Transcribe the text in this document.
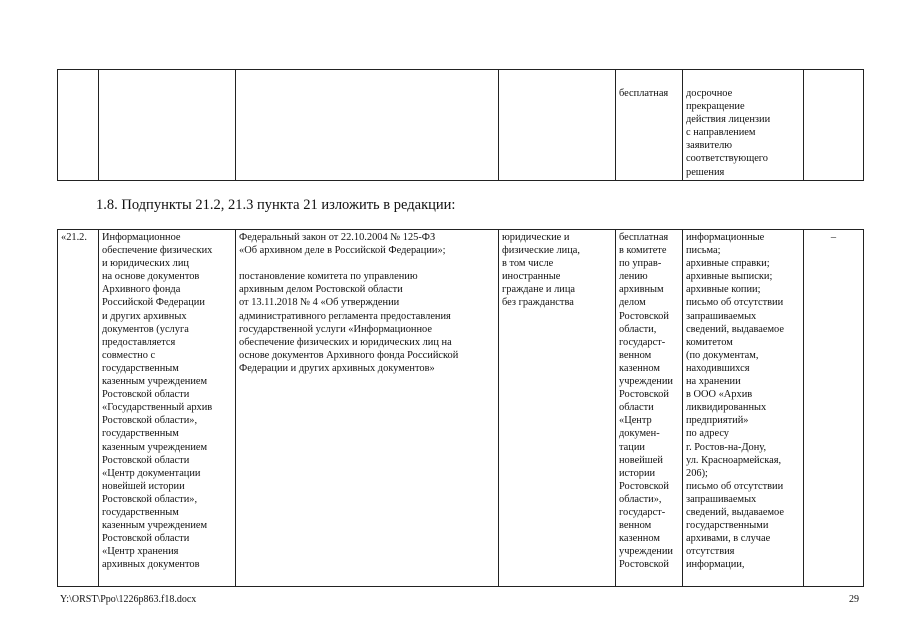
				бесплатная	досрочное
прекращение
действия лицензии
с направлением
заявителю
соответствующего
решения	
1.8. Подпункты 21.2, 21.3 пункта 21 изложить в редакции:
«21.2.	Информационное
обеспечение физических
и юридических лиц
на основе документов
Архивного фонда
Российской Федерации
и других архивных
документов (услуга
предоставляется
совместно с
государственным
казенным учреждением
Ростовской области
«Государственный архив
Ростовской области»,
государственным
казенным учреждением
Ростовской области
«Центр документации
новейшей истории
Ростовской области»,
государственным
казенным учреждением
Ростовской области
«Центр хранения
архивных документов	Федеральный закон от 22.10.2004 № 125-ФЗ
«Об архивном деле в Российской Федерации»;

постановление комитета по управлению
архивным делом Ростовской области
от 13.11.2018 № 4 «Об утверждении
административного регламента предоставления
государственной услуги «Информационное
обеспечение физических и юридических лиц на
основе документов Архивного фонда Российской
Федерации и других архивных документов»	юридические и
физические лица,
в том числе
иностранные
граждане и лица
без гражданства	бесплатная
в комитете
по управ-
лению
архивным
делом
Ростовской
области,
государст-
венном
казенном
учреждении
Ростовской
области
«Центр
докумен-
тации
новейшей
истории
Ростовской
области»,
государст-
венном
казенном
учреждении
Ростовской	информационные
письма;
архивные справки;
архивные выписки;
архивные копии;
письмо об отсутствии
запрашиваемых
сведений, выдаваемое
комитетом
(по документам,
находившихся
на хранении
в ООО «Архив
ликвидированных
предприятий»
по адресу
г. Ростов-на-Дону,
ул. Красноармейская,
206);
письмо об отсутствии
запрашиваемых
сведений, выдаваемое
государственными
архивами, в случае
отсутствия
информации,	–
Y:\ORST\Ppo\1226p863.f18.docx	29
